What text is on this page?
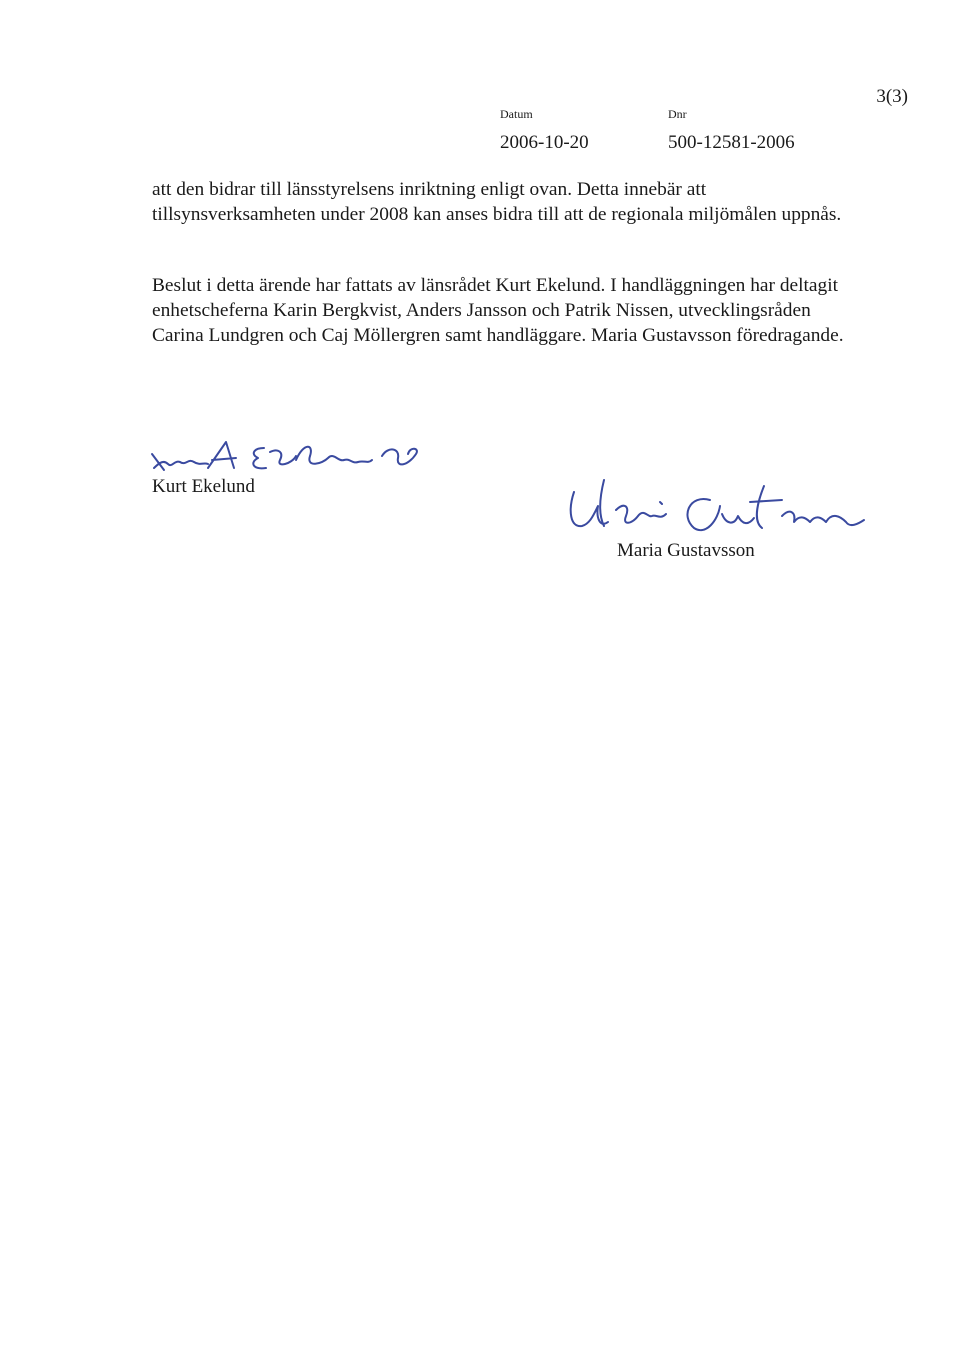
3(3)

Datum

2006-10-20

Dnr

500-12581-2006

att den bidrar till länsstyrelsens inriktning enligt ovan. Detta innebär att
tillsynsverksamheten under 2008 kan anses bidra till att de regionala miljömålen uppnås.
Beslut i detta ärende har fattats av länsrådet Kurt Ekelund. I handläggningen har deltagit
enhetscheferna Karin Bergkvist, Anders Jansson och Patrik Nissen, utvecklingsråden
Carina Lundgren och Caj Möllergren samt handläggare. Maria Gustavsson föredragande.

Kurt Ekelund

Maria Gustavsson
